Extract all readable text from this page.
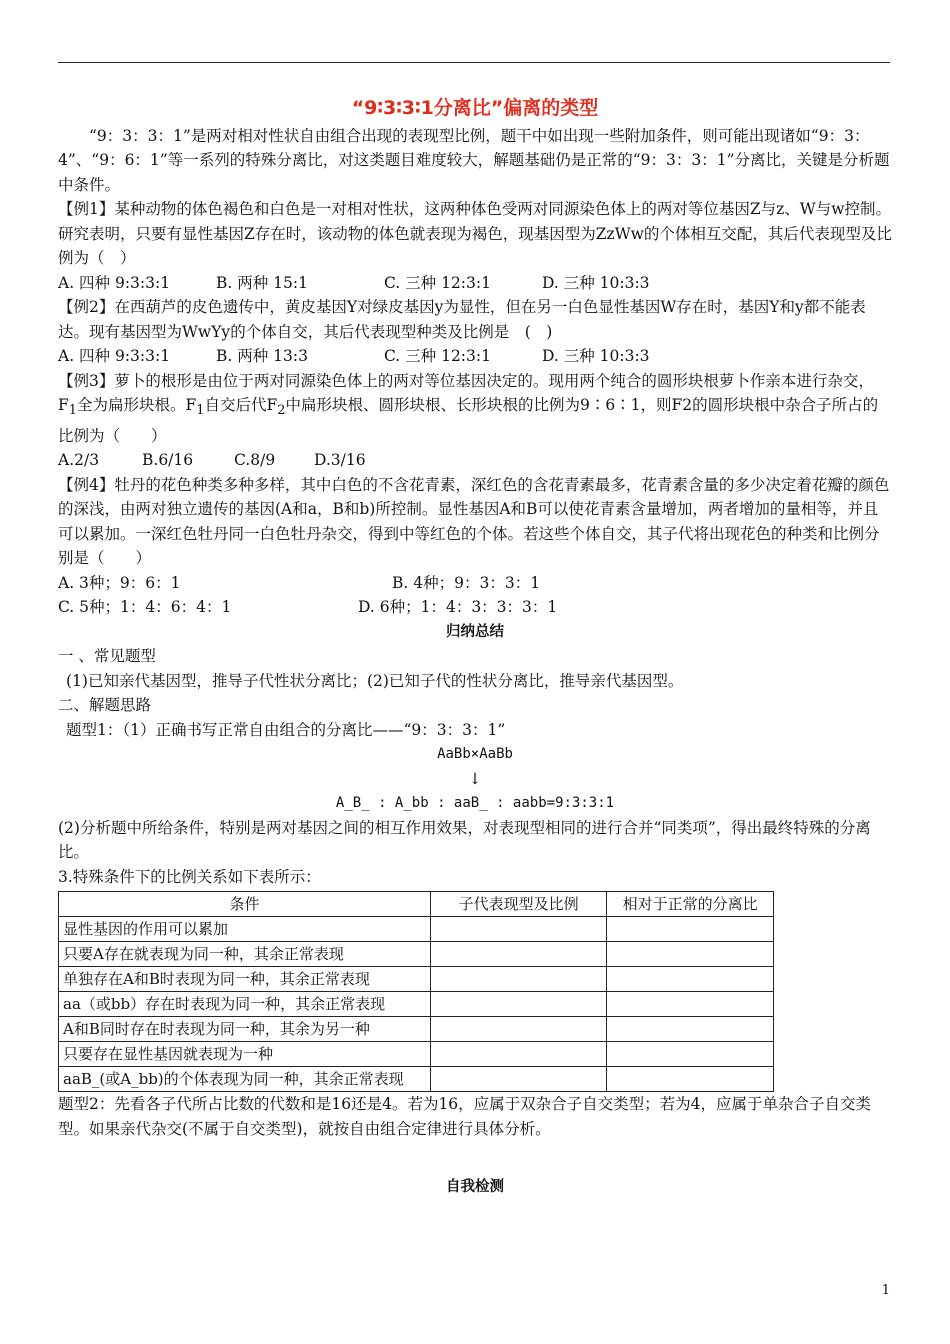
“9∶3∶3∶1分离比”偏离的类型

“9：3：3：1”是两对相对性状自由组合出现的表现型比例，题干中如出现一些附加条件，则可能出现诸如“9：3：4”、“9：6：1”等一系列的特殊分离比，对这类题目难度较大，解题基础仍是正常的“9：3：3：1”分离比，关键是分析题中条件。

【例1】某种动物的体色褐色和白色是一对相对性状，这两种体色受两对同源染色体上的两对等位基因Z与z、W与w控制。研究表明，只要有显性基因Z存在时，该动物的体色就表现为褐色，现基因型为ZzWw的个体相互交配，其后代表现型及比例为（　）

A. 四种 9:3:3:1	B. 两种 15:1	C. 三种 12:3:1	D. 三种 10:3:3

【例2】在西葫芦的皮色遗传中，黄皮基因Y对绿皮基因y为显性，但在另一白色显性基因W存在时，基因Y和y都不能表达。现有基因型为WwYy的个体自交，其后代表现型种类及比例是　(　)

A. 四种 9:3:3:1	B. 两种 13:3	C. 三种 12:3:1	D. 三种 10:3:3

【例3】萝卜的根形是由位于两对同源染色体上的两对等位基因决定的。现用两个纯合的圆形块根萝卜作亲本进行杂交，$F_1$全为扁形块根。$F_1$自交后代$F_2$中扁形块根、圆形块根、长形块根的比例为9∶6∶1，则F2的圆形块根中杂合子所占的比例为（　　）

A.2/3	B.6/16	C.8/9	D.3/16

【例4】牡丹的花色种类多种多样，其中白色的不含花青素，深红色的含花青素最多，花青素含量的多少决定着花瓣的颜色的深浅，由两对独立遗传的基因(A和a，B和b)所控制。显性基因A和B可以使花青素含量增加，两者增加的量相等，并且可以累加。一深红色牡丹同一白色牡丹杂交，得到中等红色的个体。若这些个体自交，其子代将出现花色的种类和比例分别是（　　）

A. 3种；9：6：1	B. 4种；9：3：3：1
C. 5种；1：4：6：4：1	D. 6种；1：4：3：3：3：1

归纳总结

一 、常见题型

(1)已知亲代基因型，推导子代性状分离比；(2)已知子代的性状分离比，推导亲代基因型。

二、解题思路

题型1：（1）正确书写正常自由组合的分离比——“9：3：3：1”

AaBb×AaBb

↓

A_B_ : A_bb : aaB_ : aabb=9:3:3:1

(2)分析题中所给条件，特别是两对基因之间的相互作用效果，对表现型相同的进行合并“同类项”，得出最终特殊的分离比。

3.特殊条件下的比例关系如下表所示：

条件	子代表现型及比例	相对于正常的分离比
显性基因的作用可以累加		
只要A存在就表现为同一种，其余正常表现		
单独存在A和B时表现为同一种，其余正常表现		
aa（或bb）存在时表现为同一种，其余正常表现		
A和B同时存在时表现为同一种，其余为另一种		
只要存在显性基因就表现为一种		
aaB_(或A_bb)的个体表现为同一种，其余正常表现		

题型2：先看各子代所占比数的代数和是16还是4。若为16，应属于双杂合子自交类型；若为4，应属于单杂合子自交类型。如果亲代杂交(不属于自交类型)，就按自由组合定律进行具体分析。

自我检测

1
